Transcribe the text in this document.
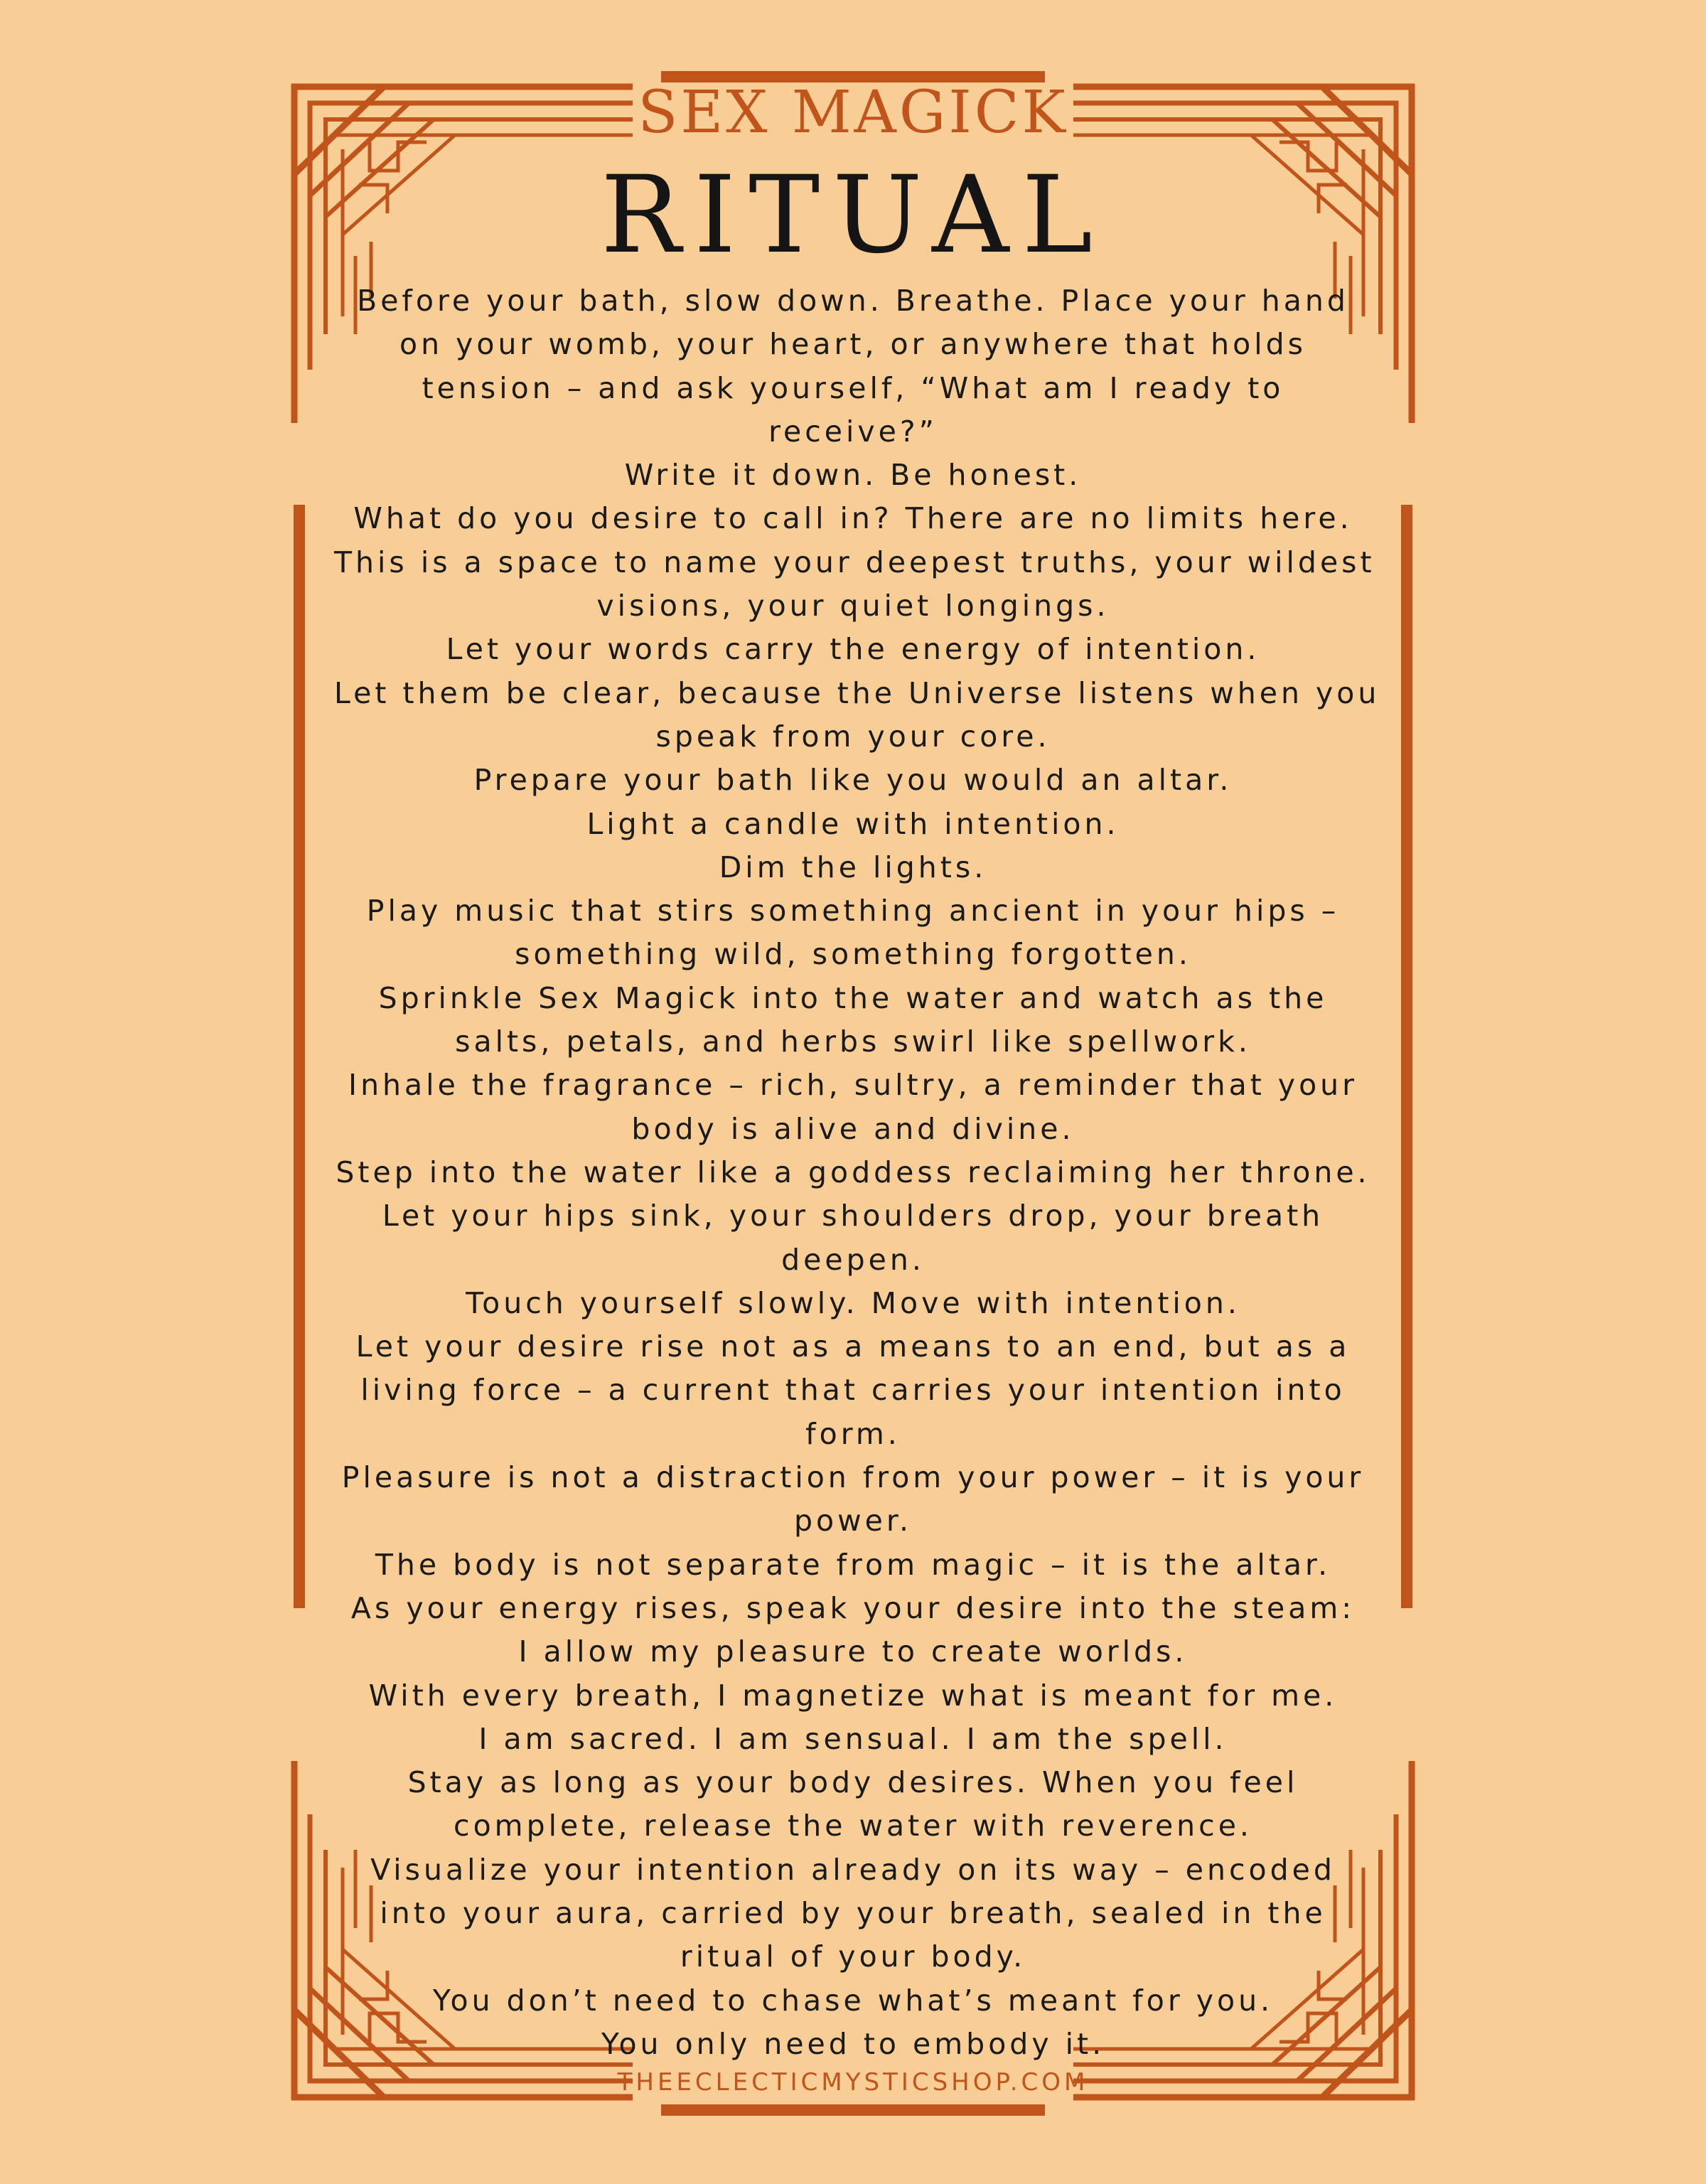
SEX MAGICK
RITUAL
Before your bath, slow down. Breathe. Place your hand
on your womb, your heart, or anywhere that holds
tension – and ask yourself, “What am I ready to
receive?”
Write it down. Be honest.
What do you desire to call in? There are no limits here.
This is a space to name your deepest truths, your wildest
visions, your quiet longings.
Let your words carry the energy of intention.
Let them be clear, because the Universe listens when you
speak from your core.
Prepare your bath like you would an altar.
Light a candle with intention.
Dim the lights.
Play music that stirs something ancient in your hips –
something wild, something forgotten.
Sprinkle Sex Magick into the water and watch as the
salts, petals, and herbs swirl like spellwork.
Inhale the fragrance – rich, sultry, a reminder that your
body is alive and divine.
Step into the water like a goddess reclaiming her throne.
Let your hips sink, your shoulders drop, your breath
deepen.
Touch yourself slowly. Move with intention.
Let your desire rise not as a means to an end, but as a
living force – a current that carries your intention into
form.
Pleasure is not a distraction from your power – it is your
power.
The body is not separate from magic – it is the altar.
As your energy rises, speak your desire into the steam:
I allow my pleasure to create worlds.
With every breath, I magnetize what is meant for me.
I am sacred. I am sensual. I am the spell.
Stay as long as your body desires. When you feel
complete, release the water with reverence.
Visualize your intention already on its way – encoded
into your aura, carried by your breath, sealed in the
ritual of your body.
You don’t need to chase what’s meant for you.
You only need to embody it.
THEECLECTICMYSTICSHOP.COM
